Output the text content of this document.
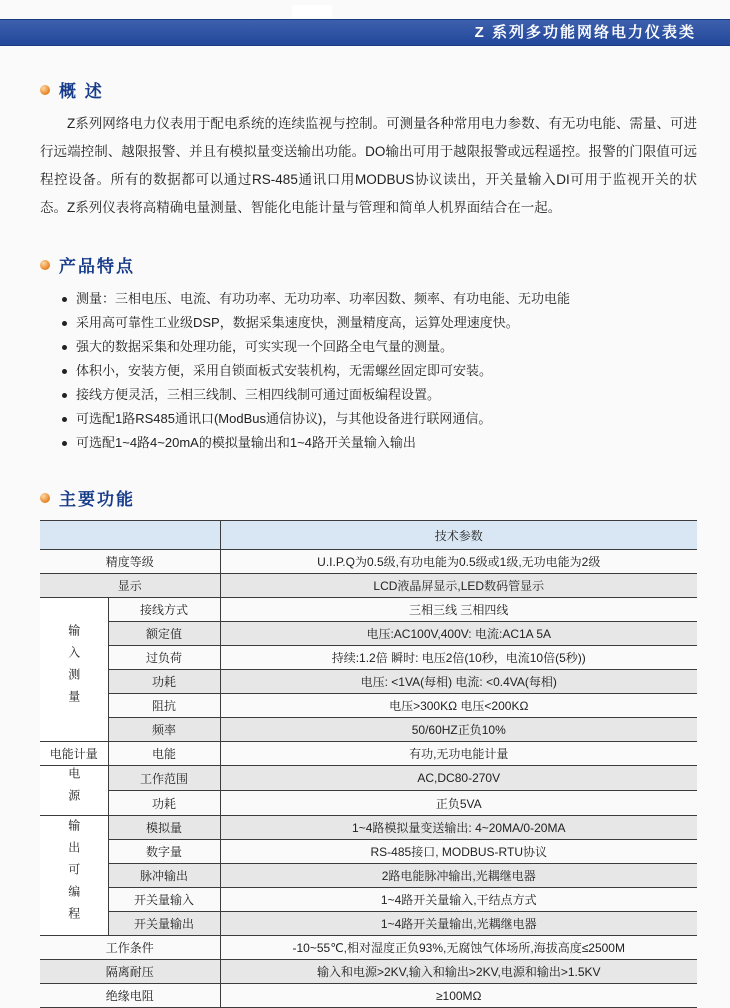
Z 系列多功能网络电力仪表类
概 述

Z系列网络电力仪表用于配电系统的连续监视与控制。可测量各种常用电力参数、有无功电能、需量、可进行远端控制、越限报警、并且有模拟量变送输出功能。DO输出可用于越限报警或远程遥控。报警的门限值可远程控设备。所有的数据都可以通过RS-485通讯口用MODBUS协议读出，开关量输入DI可用于监视开关的状态。Z系列仪表将高精确电量测量、智能化电能计量与管理和简单人机界面结合在一起。

产品特点
测量：三相电压、电流、有功功率、无功功率、功率因数、频率、有功电能、无功电能
采用高可靠性工业级DSP，数据采集速度快，测量精度高，运算处理速度快。
强大的数据采集和处理功能，可实实现一个回路全电气量的测量。
体积小，安装方便，采用自锁面板式安装机构，无需螺丝固定即可安装。
接线方便灵活，三相三线制、三相四线制可通过面板编程设置。
可选配1路RS485通讯口(ModBus通信协议)，与其他设备进行联网通信。
可选配1~4路4~20mA的模拟量输出和1~4路开关量输入输出
主要功能
		技术参数
精度等级		U.I.P.Q为0.5级,有功电能为0.5级或1级,无功电能为2级
显示		LCD液晶屏显示,LED数码管显示
输入测量	接线方式	三相三线 三相四线
	额定值	电压:AC100V,400V: 电流:AC1A 5A
	过负荷	持续:1.2倍 瞬时: 电压2倍(10秒，电流10倍(5秒))
	功耗	电压: <1VA(每相) 电流: <0.4VA(每相)
	阻抗	电压>300KΩ 电压<200KΩ
	频率	50/60HZ正负10%
电能计量	电能	有功,无功电能计量
电源	工作范围	AC,DC80-270V
	功耗	正负5VA
输出可编程	模拟量	1~4路模拟量变送输出: 4~20MA/0-20MA
	数字量	RS-485接口, MODBUS-RTU协议
	脉冲输出	2路电能脉冲输出,光耦继电器
	开关量输入	1~4路开关量输入,干结点方式
	开关量输出	1~4路开关量输出,光耦继电器
工作条件		-10~55℃,相对湿度正负93%,无腐蚀气体场所,海拔高度≤2500M
隔离耐压		输入和电源>2KV,输入和输出>2KV,电源和输出>1.5KV
绝缘电阻		≥100MΩ
